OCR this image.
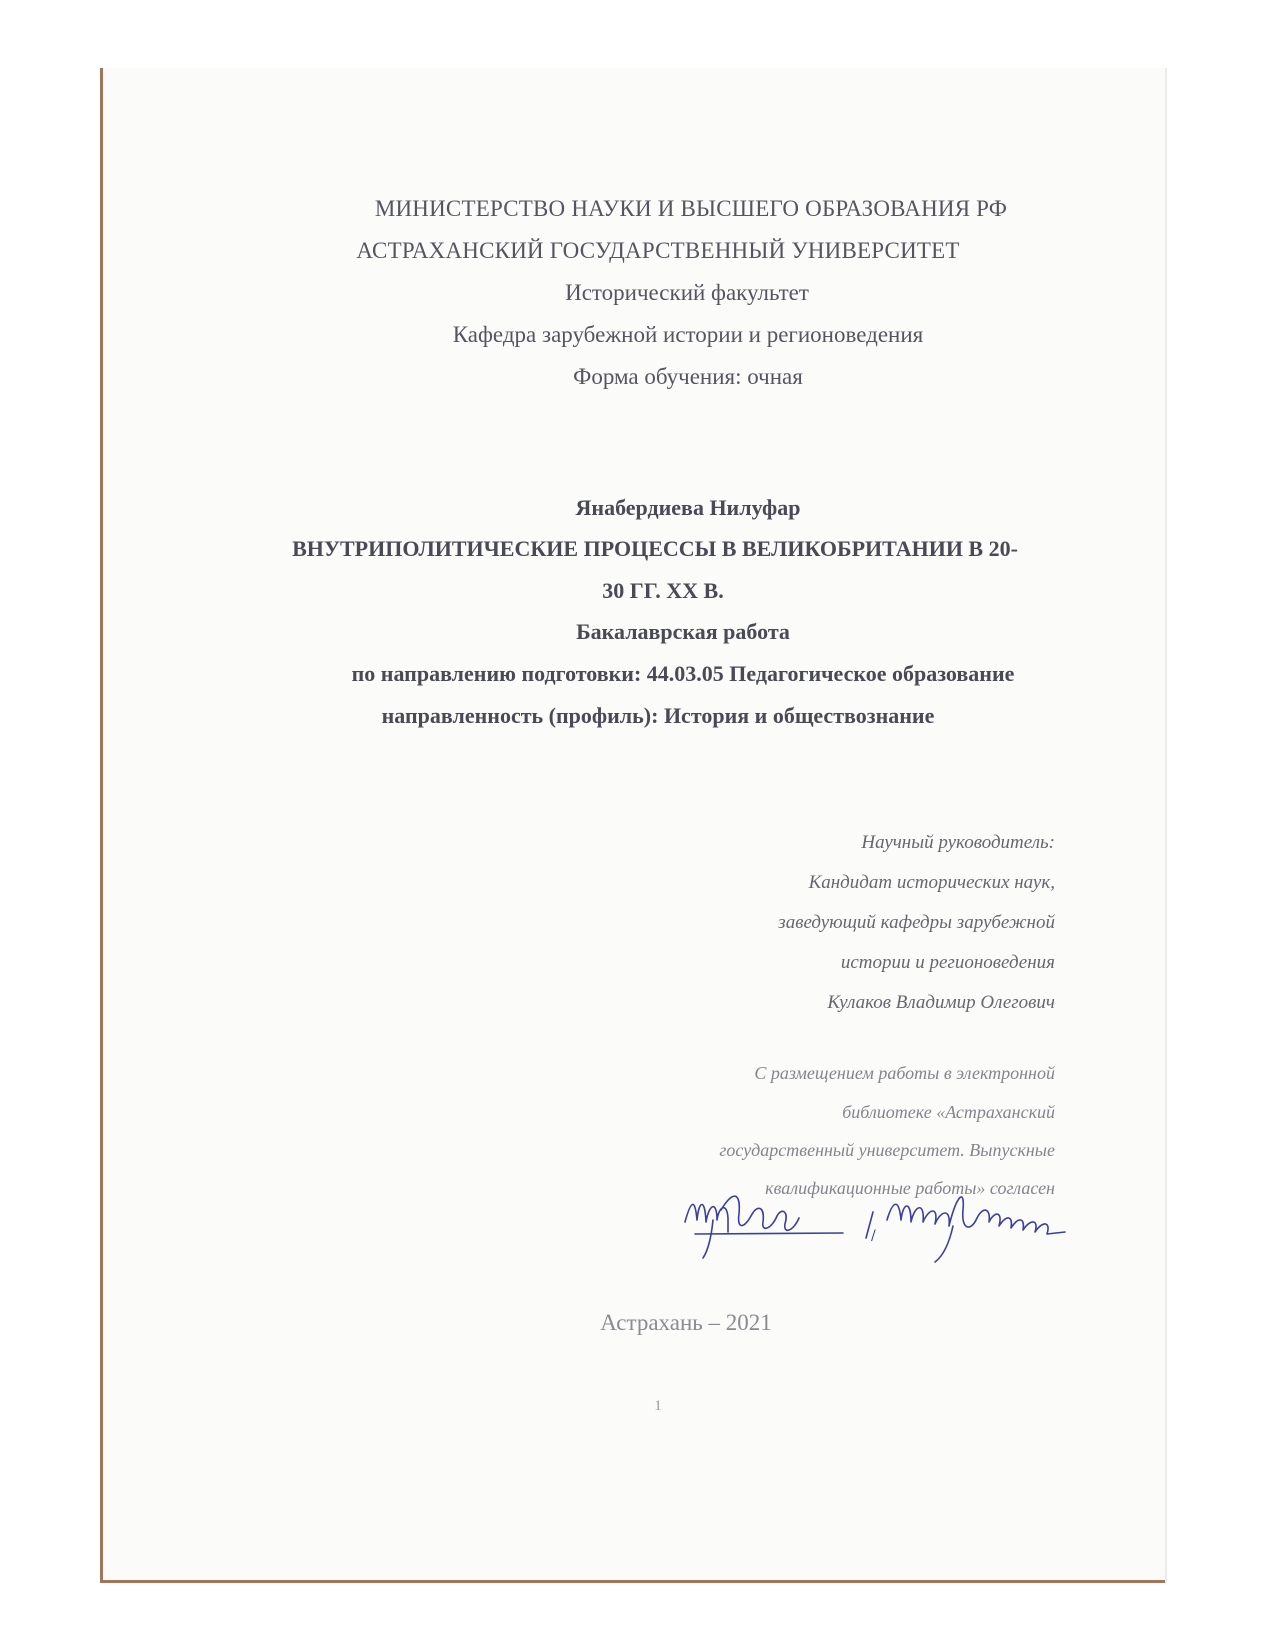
МИНИСТЕРСТВО НАУКИ И ВЫСШЕГО ОБРАЗОВАНИЯ РФ
АСТРАХАНСКИЙ ГОСУДАРСТВЕННЫЙ УНИВЕРСИТЕТ
Исторический факультет
Кафедра зарубежной истории и регионоведения
Форма обучения: очная
Янабердиева Нилуфар
ВНУТРИПОЛИТИЧЕСКИЕ ПРОЦЕССЫ В ВЕЛИКОБРИТАНИИ В 20-
30 ГГ. ХХ В.
Бакалаврская работа
по направлению подготовки: 44.03.05 Педагогическое образование
направленность (профиль): История и обществознание
Научный руководитель:
Кандидат исторических наук,
заведующий кафедры зарубежной
истории и регионоведения
Кулаков Владимир Олегович
С размещением работы в электронной
библиотеке «Астраханский
государственный университет. Выпускные
квалификационные работы» согласен
/
Астрахань – 2021
1
